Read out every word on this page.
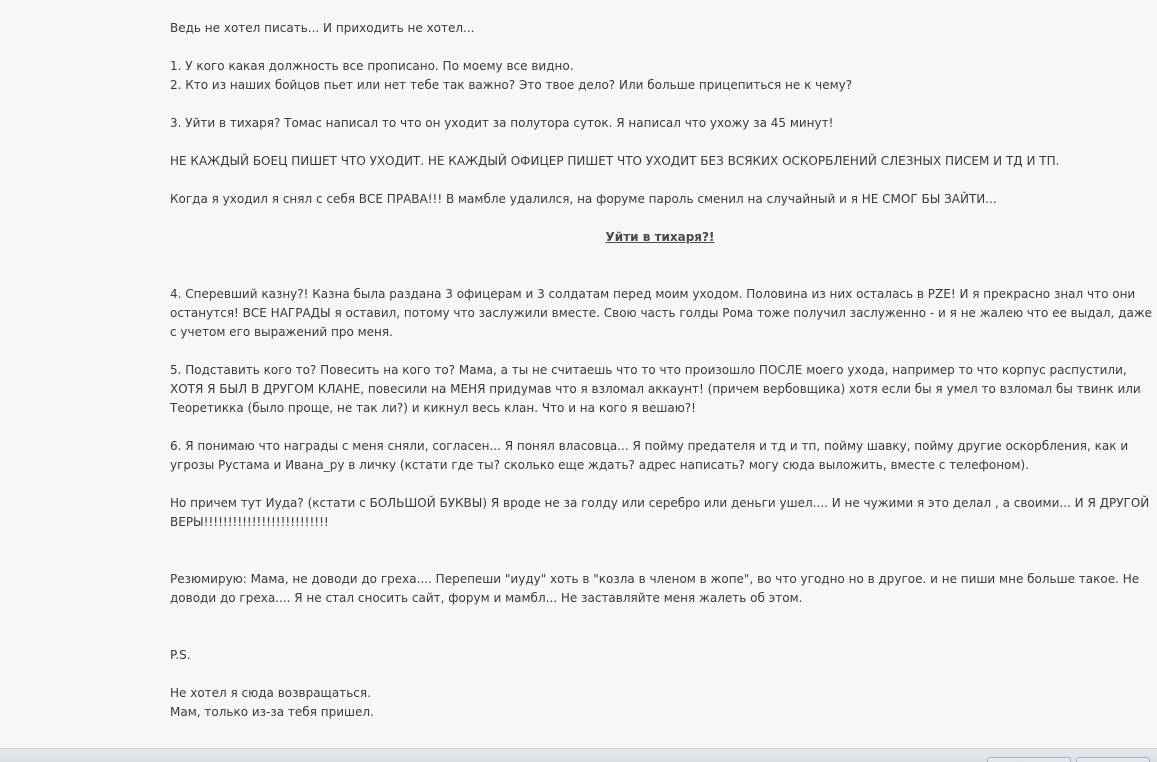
Ведь не хотел писать... И приходить не хотел...

1. У кого какая должность все прописано. По моему все видно.

2. Кто из наших бойцов пьет или нет тебе так важно? Это твое дело? Или больше прицепиться не к чему?

3. Уйти в тихаря? Томас написал то что он уходит за полутора суток. Я написал что ухожу за 45 минут!

НЕ КАЖДЫЙ БОЕЦ ПИШЕТ ЧТО УХОДИТ. НЕ КАЖДЫЙ ОФИЦЕР ПИШЕТ ЧТО УХОДИТ БЕЗ ВСЯКИХ ОСКОРБЛЕНИЙ СЛЕЗНЫХ ПИСЕМ И ТД И ТП.

Когда я уходил я снял с себя ВСЕ ПРАВА!!! В мамбле удалился, на форуме пароль сменил на случайный и я НЕ СМОГ БЫ ЗАЙТИ...

Уйти в тихаря?!

4. Сперевший казну?! Казна была раздана 3 офицерам и 3 солдатам перед моим уходом. Половина из них осталась в PZE! И я прекрасно знал что они останутся! ВСЕ НАГРАДЫ я оставил, потому что заслужили вместе. Свою часть голды Рома тоже получил заслуженно - и я не жалею что ее выдал, даже с учетом его выражений про меня.

5. Подставить кого то? Повесить на кого то? Мама, а ты не считаешь что то что произошло ПОСЛЕ моего ухода, например то что корпус распустили, ХОТЯ Я БЫЛ В ДРУГОМ КЛАНЕ, повесили на МЕНЯ придумав что я взломал аккаунт! (причем вербовщика) хотя если бы я умел то взломал бы твинк или Теоретикка (было проще, не так ли?) и кикнул весь клан. Что и на кого я вешаю?!

6. Я понимаю что награды с меня сняли, согласен... Я понял власовца... Я пойму предателя и тд и тп, пойму шавку, пойму другие оскорбления, как и угрозы Рустама и Ивана_ру в личку (кстати где ты? сколько еще ждать? адрес написать? могу сюда выложить, вместе с телефоном).

Но причем тут Иуда? (кстати с БОЛЬШОЙ БУКВЫ) Я вроде не за голду или серебро или деньги ушел.... И не чужими я это делал , а своими... И Я ДРУГОЙ ВЕРЫ!!!!!!!!!!!!!!!!!!!!!!!!!!

Резюмирую: Мама, не доводи до греха.... Перепеши "иуду" хоть в "козла в членом в жопе", во что угодно но в другое. и не пиши мне больше такое. Не доводи до греха.... Я не стал сносить сайт, форум и мамбл... Не заставляйте меня жалеть об этом.

P.S.

Не хотел я сюда возвращаться.

Мам, только из-за тебя пришел.
